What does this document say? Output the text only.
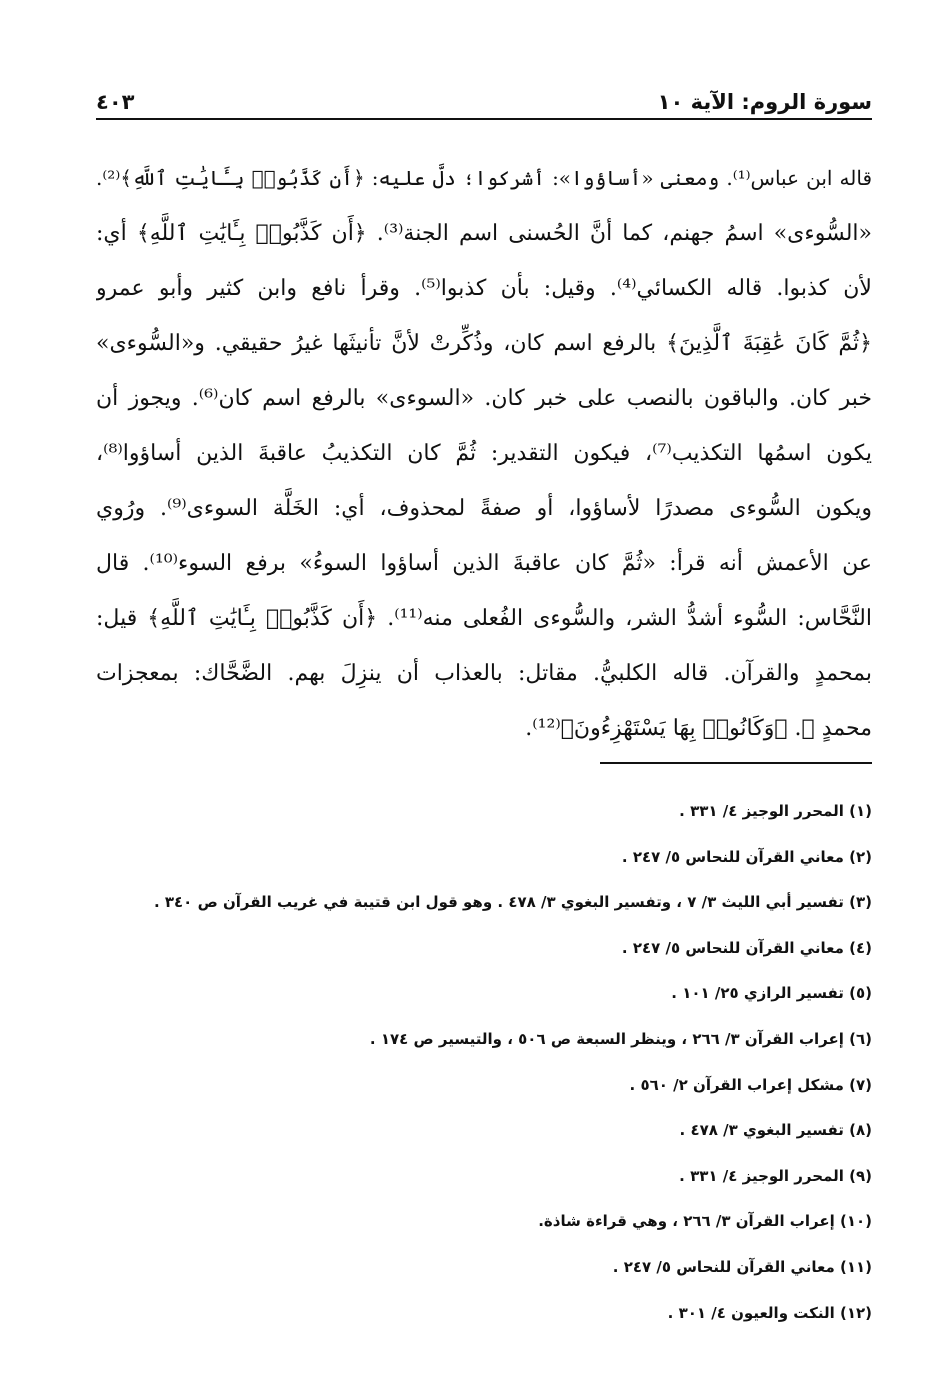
سورة الروم: الآية ١٠
٤٠٣
قاله ابن عباس⁽¹⁾. ومعنى «أساؤوا»: أشركوا؛ دلَّ عليه: ﴿أَن كَذَّبُوا۟ بِـَٔايَٰتِ ٱللَّهِ﴾⁽²⁾.
«السُّوءى» اسمُ جهنم، كما أنَّ الحُسنى اسم الجنة⁽³⁾. ﴿أَن كَذَّبُوا۟ بِـَٔايَٰتِ ٱللَّهِ﴾ أي:
لأن كذبوا. قاله الكسائي⁽⁴⁾. وقيل: بأن كذبوا⁽⁵⁾. وقرأ نافع وابن كثير وأبو عمرو
﴿ثُمَّ كَانَ عَٰقِبَةَ ٱلَّذِينَ﴾ بالرفع اسم كان، وذُكِّرتْ لأنَّ تأنيثَها غيرُ حقيقي. و«السُّوءى»
خبر كان. والباقون بالنصب على خبر كان. «السوءى» بالرفع اسم كان⁽⁶⁾. ويجوز أن
يكون اسمُها التكذيب⁽⁷⁾، فيكون التقدير: ثُمَّ كان التكذيبُ عاقبةَ الذين أساؤوا⁽⁸⁾،
ويكون السُّوءى مصدرًا لأساؤوا، أو صفةً لمحذوف، أي: الخَلَّة السوءى⁽⁹⁾. ورُوي
عن الأعمش أنه قرأ: «ثُمَّ كان عاقبةَ الذين أساؤوا السوءُ» برفع السوء⁽¹⁰⁾. قال
النَّحَّاس: السُّوء أشدُّ الشر، والسُّوءى الفُعلى منه⁽¹¹⁾. ﴿أَن كَذَّبُوا۟ بِـَٔايَٰتِ ٱللَّهِ﴾ قيل:
بمحمدٍ والقرآن. قاله الكلبيُّ. مقاتل: بالعذاب أن ينزِلَ بهم. الضَّحَّاك: بمعجزات
محمدٍ ﷺ. ﴿وَكَانُوا۟ بِهَا يَسْتَهْزِءُونَ﴾⁽¹²⁾.
(١) المحرر الوجيز ٤/ ٣٣١ .
(٢) معاني القرآن للنحاس ٥/ ٢٤٧ .
(٣) تفسير أبي الليث ٣/ ٧ ، وتفسير البغوي ٣/ ٤٧٨ . وهو قول ابن قتيبة في غريب القرآن ص ٣٤٠ .
(٤) معاني القرآن للنحاس ٥/ ٢٤٧ .
(٥) تفسير الرازي ٢٥/ ١٠١ .
(٦) إعراب القرآن ٣/ ٢٦٦ ، وينظر السبعة ص ٥٠٦ ، والتيسير ص ١٧٤ .
(٧) مشكل إعراب القرآن ٢/ ٥٦٠ .
(٨) تفسير البغوي ٣/ ٤٧٨ .
(٩) المحرر الوجيز ٤/ ٣٣١ .
(١٠) إعراب القرآن ٣/ ٢٦٦ ، وهي قراءة شاذة.
(١١) معاني القرآن للنحاس ٥/ ٢٤٧ .
(١٢) النكت والعيون ٤/ ٣٠١ .
